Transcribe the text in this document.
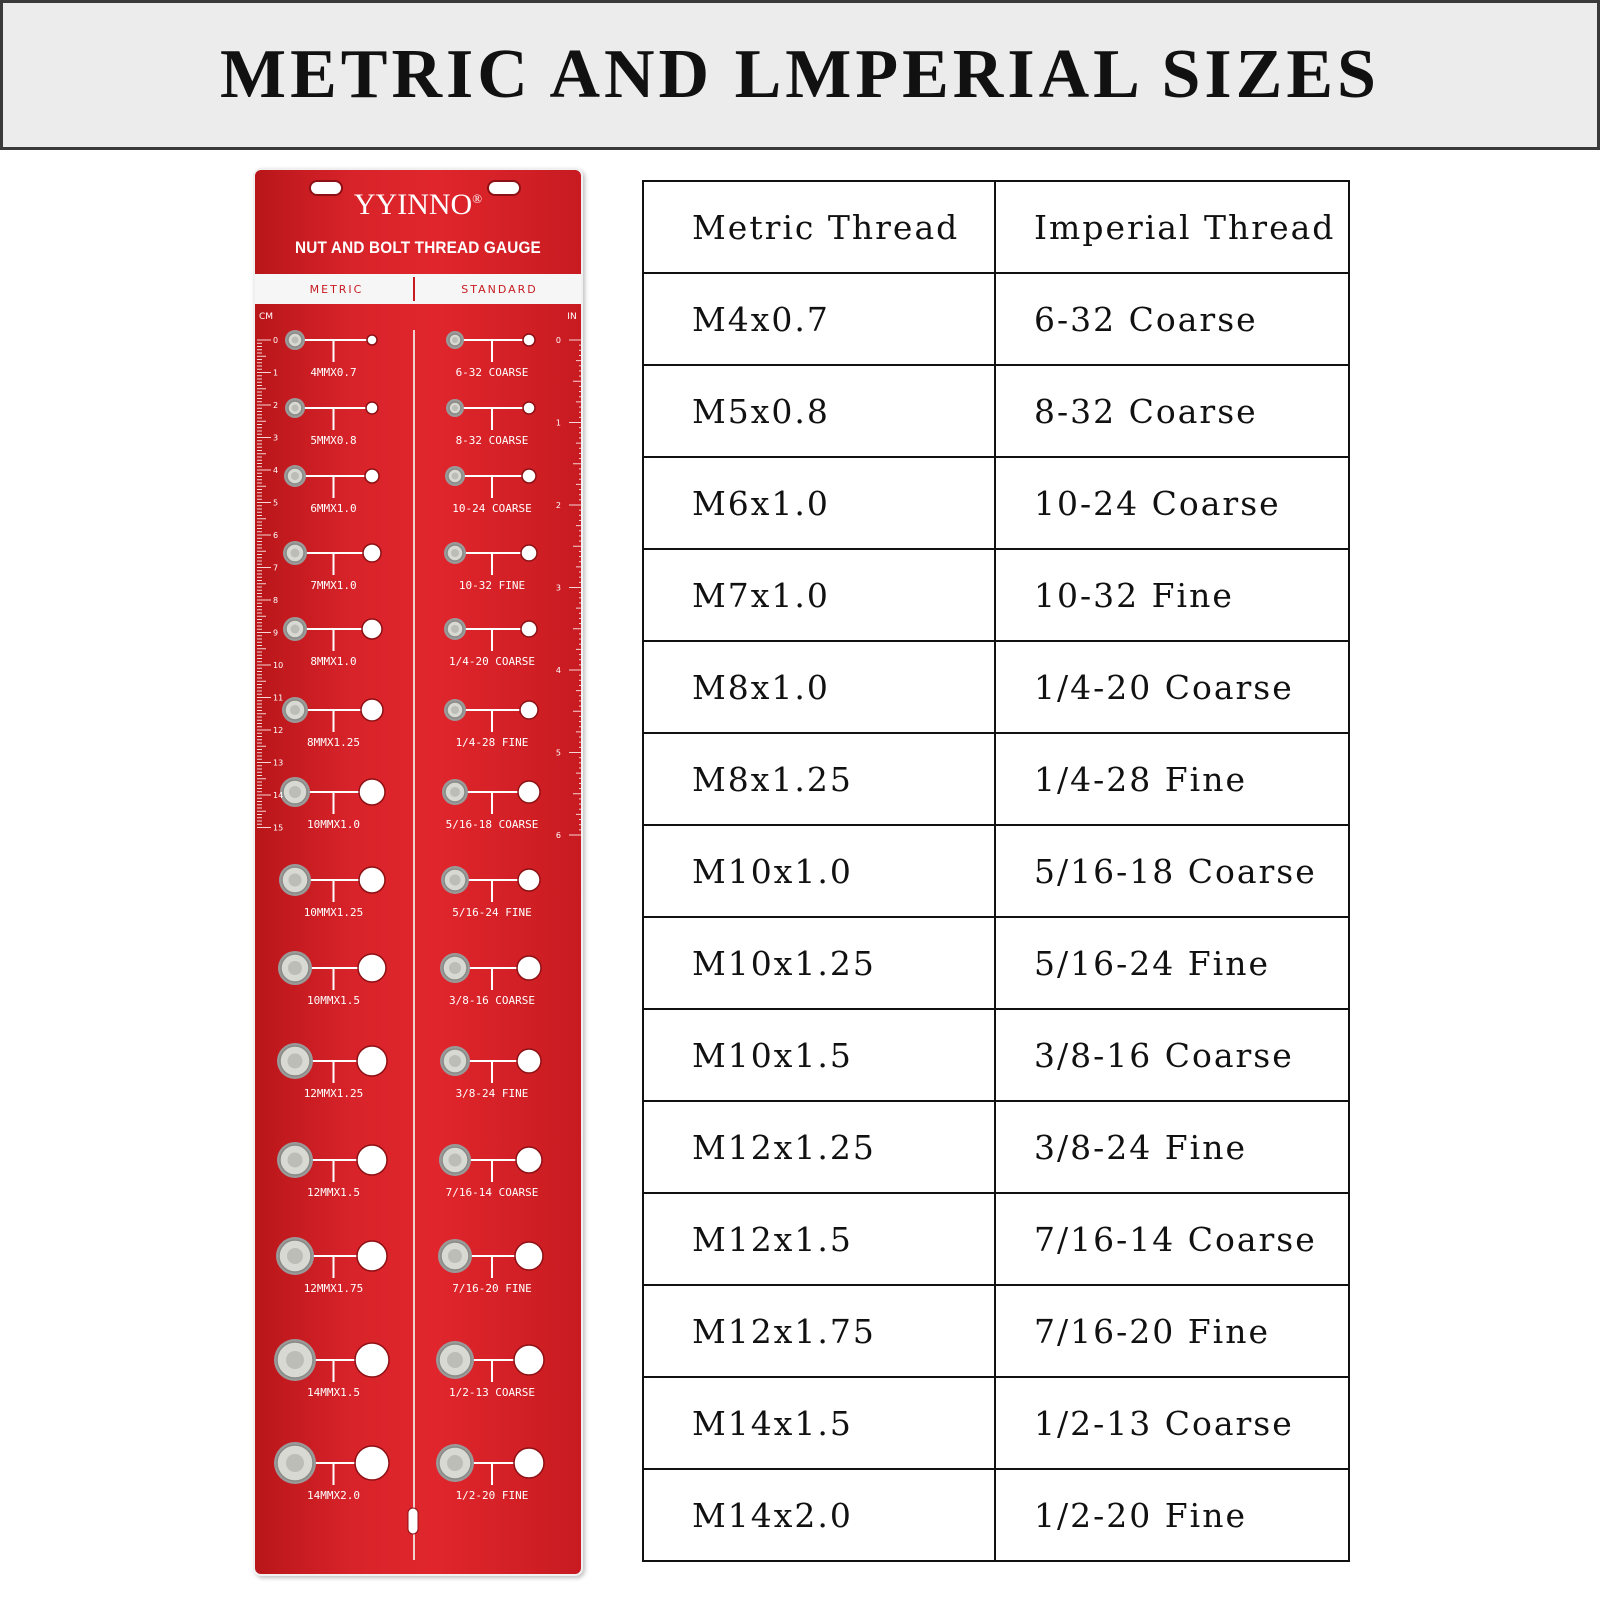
METRIC AND LMPERIAL SIZES
YYINNO®
NUT AND BOLT THREAD GAUGE
METRIC	STANDARD
CM	IN
4MMX0.7
5MMX0.8
6MMX1.0
7MMX1.0
8MMX1.0
8MMX1.25
10MMX1.0
10MMX1.25
10MMX1.5
12MMX1.25
12MMX1.5
12MMX1.75
14MMX1.5
14MMX2.0
6-32 COARSE
8-32 COARSE
10-24 COARSE
10-32 FINE
1/4-20 COARSE
1/4-28 FINE
5/16-18 COARSE
5/16-24 FINE
3/8-16 COARSE
3/8-24 FINE
7/16-14 COARSE
7/16-20 FINE
1/2-13 COARSE
1/2-20 FINE
0
1
2
3
4
5
6
7
8
9
10
11
12
13
14
15
0
1
2
3
4
5
6
Metric Thread	Imperial Thread
M4x0.7	6-32 Coarse
M5x0.8	8-32 Coarse
M6x1.0	10-24 Coarse
M7x1.0	10-32 Fine
M8x1.0	1/4-20 Coarse
M8x1.25	1/4-28 Fine
M10x1.0	5/16-18 Coarse
M10x1.25	5/16-24 Fine
M10x1.5	3/8-16 Coarse
M12x1.25	3/8-24 Fine
M12x1.5	7/16-14 Coarse
M12x1.75	7/16-20 Fine
M14x1.5	1/2-13 Coarse
M14x2.0	1/2-20 Fine
